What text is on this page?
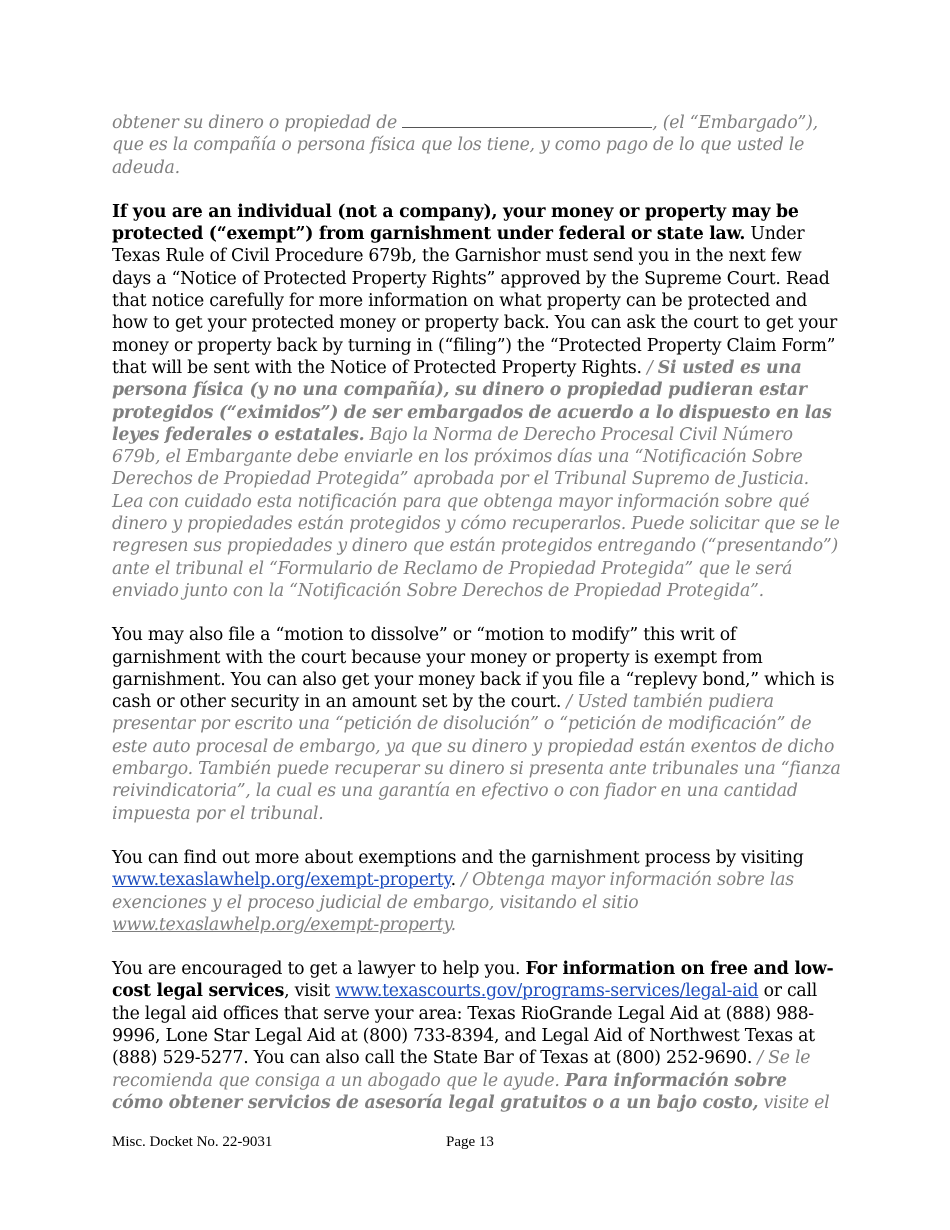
obtener su dinero o propiedad de	, (el “Embargado”), que es la compañía o persona física que los tiene, y como pago de lo que usted le adeuda.

If you are an individual (not a company), your money or property may be protected (“exempt”) from garnishment under federal or state law. Under Texas Rule of Civil Procedure 679b, the Garnishor must send you in the next few days a “Notice of Protected Property Rights” approved by the Supreme Court. Read that notice carefully for more information on what property can be protected and how to get your protected money or property back. You can ask the court to get your money or property back by turning in (“filing”) the “Protected Property Claim Form” that will be sent with the Notice of Protected Property Rights. / Si usted es una persona física (y no una compañía), su dinero o propiedad pudieran estar protegidos (“eximidos”) de ser embargados de acuerdo a lo dispuesto en las leyes federales o estatales. Bajo la Norma de Derecho Procesal Civil Número 679b, el Embargante debe enviarle en los próximos días una “Notificación Sobre Derechos de Propiedad Protegida” aprobada por el Tribunal Supremo de Justicia. Lea con cuidado esta notificación para que obtenga mayor información sobre qué dinero y propiedades están protegidos y cómo recuperarlos. Puede solicitar que se le regresen sus propiedades y dinero que están protegidos entregando (“presentando”) ante el tribunal el “Formulario de Reclamo de Propiedad Protegida” que le será enviado junto con la “Notificación Sobre Derechos de Propiedad Protegida”.

You may also file a “motion to dissolve” or “motion to modify” this writ of garnishment with the court because your money or property is exempt from garnishment. You can also get your money back if you file a “replevy bond,” which is cash or other security in an amount set by the court. / Usted también pudiera presentar por escrito una “petición de disolución” o “petición de modificación” de este auto procesal de embargo, ya que su dinero y propiedad están exentos de dicho embargo. También puede recuperar su dinero si presenta ante tribunales una “fianza reivindicatoria”, la cual es una garantía en efectivo o con fiador en una cantidad impuesta por el tribunal.

You can find out more about exemptions and the garnishment process by visiting www.texaslawhelp.org/exempt-property. / Obtenga mayor información sobre las exenciones y el proceso judicial de embargo, visitando el sitio www.texaslawhelp.org/exempt-property.

You are encouraged to get a lawyer to help you. For information on free and low-cost legal services, visit www.texascourts.gov/programs-services/legal-aid or call the legal aid offices that serve your area: Texas RioGrande Legal Aid at (888) 988-9996, Lone Star Legal Aid at (800) 733-8394, and Legal Aid of Northwest Texas at (888) 529-5277. You can also call the State Bar of Texas at (800) 252-9690. / Se le recomienda que consiga a un abogado que le ayude. Para información sobre cómo obtener servicios de asesoría legal gratuitos o a un bajo costo, visite el

Misc. Docket No. 22-9031	Page 13
